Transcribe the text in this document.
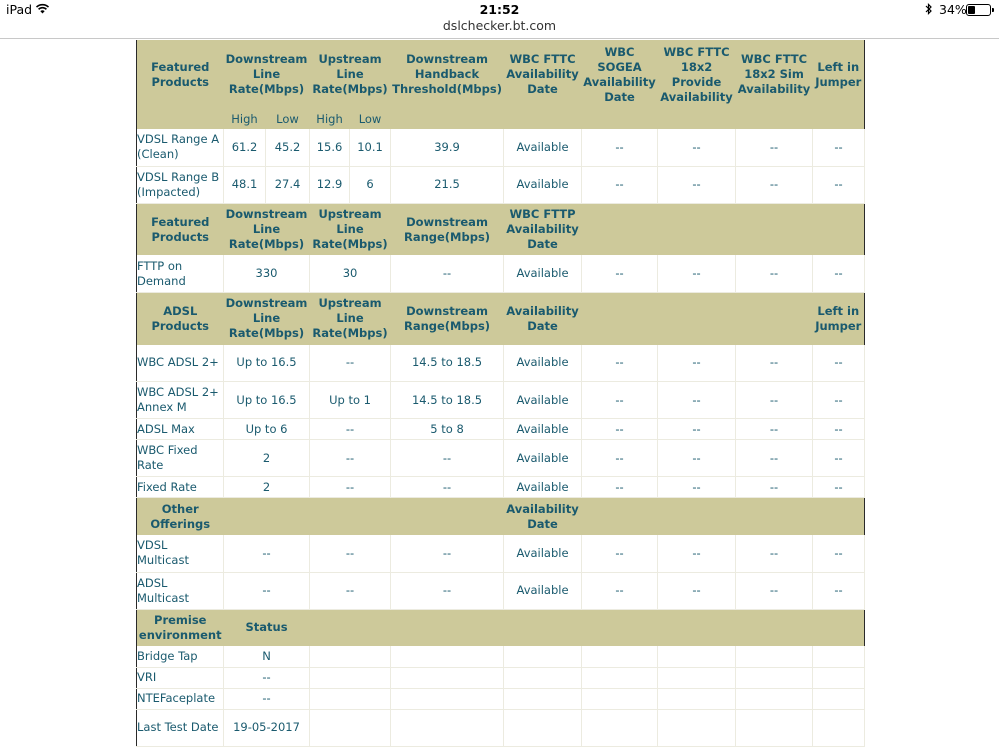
iPad	21:52	34%
dslchecker.bt.com
Featured Products	Downstream Line Rate(Mbps)		Upstream Line Rate(Mbps)		Downstream Handback Threshold(Mbps)	WBC FTTC Availability Date	WBC SOGEA Availability Date	WBC FTTC 18x2 Provide Availability	WBC FTTC 18x2 Sim Availability	Left in Jumper
	High	Low	High	Low						
VDSL Range A (Clean)	61.2	45.2	15.6	10.1	39.9	Available	--	--	--	--
VDSL Range B (Impacted)	48.1	27.4	12.9	6	21.5	Available	--	--	--	--
Featured Products	Downstream Line Rate(Mbps)		Upstream Line Rate(Mbps)		Downstream Range(Mbps)	WBC FTTP Availability Date				
FTTP on Demand	330		30		--	Available	--	--	--	--
ADSL Products	Downstream Line Rate(Mbps)		Upstream Line Rate(Mbps)		Downstream Range(Mbps)	Availability Date				Left in Jumper
WBC ADSL 2+	Up to 16.5		--		14.5 to 18.5	Available	--	--	--	--
WBC ADSL 2+ Annex M	Up to 16.5		Up to 1		14.5 to 18.5	Available	--	--	--	--
ADSL Max	Up to 6		--		5 to 8	Available	--	--	--	--
WBC Fixed Rate	2		--		--	Available	--	--	--	--
Fixed Rate	2		--		--	Available	--	--	--	--
Other Offerings						Availability Date				
VDSL Multicast	--		--		--	Available	--	--	--	--
ADSL Multicast	--		--		--	Available	--	--	--	--
Premise environment	Status									
Bridge Tap	N									
VRI	--									
NTEFaceplate	--									
Last Test Date	19-05-2017									
